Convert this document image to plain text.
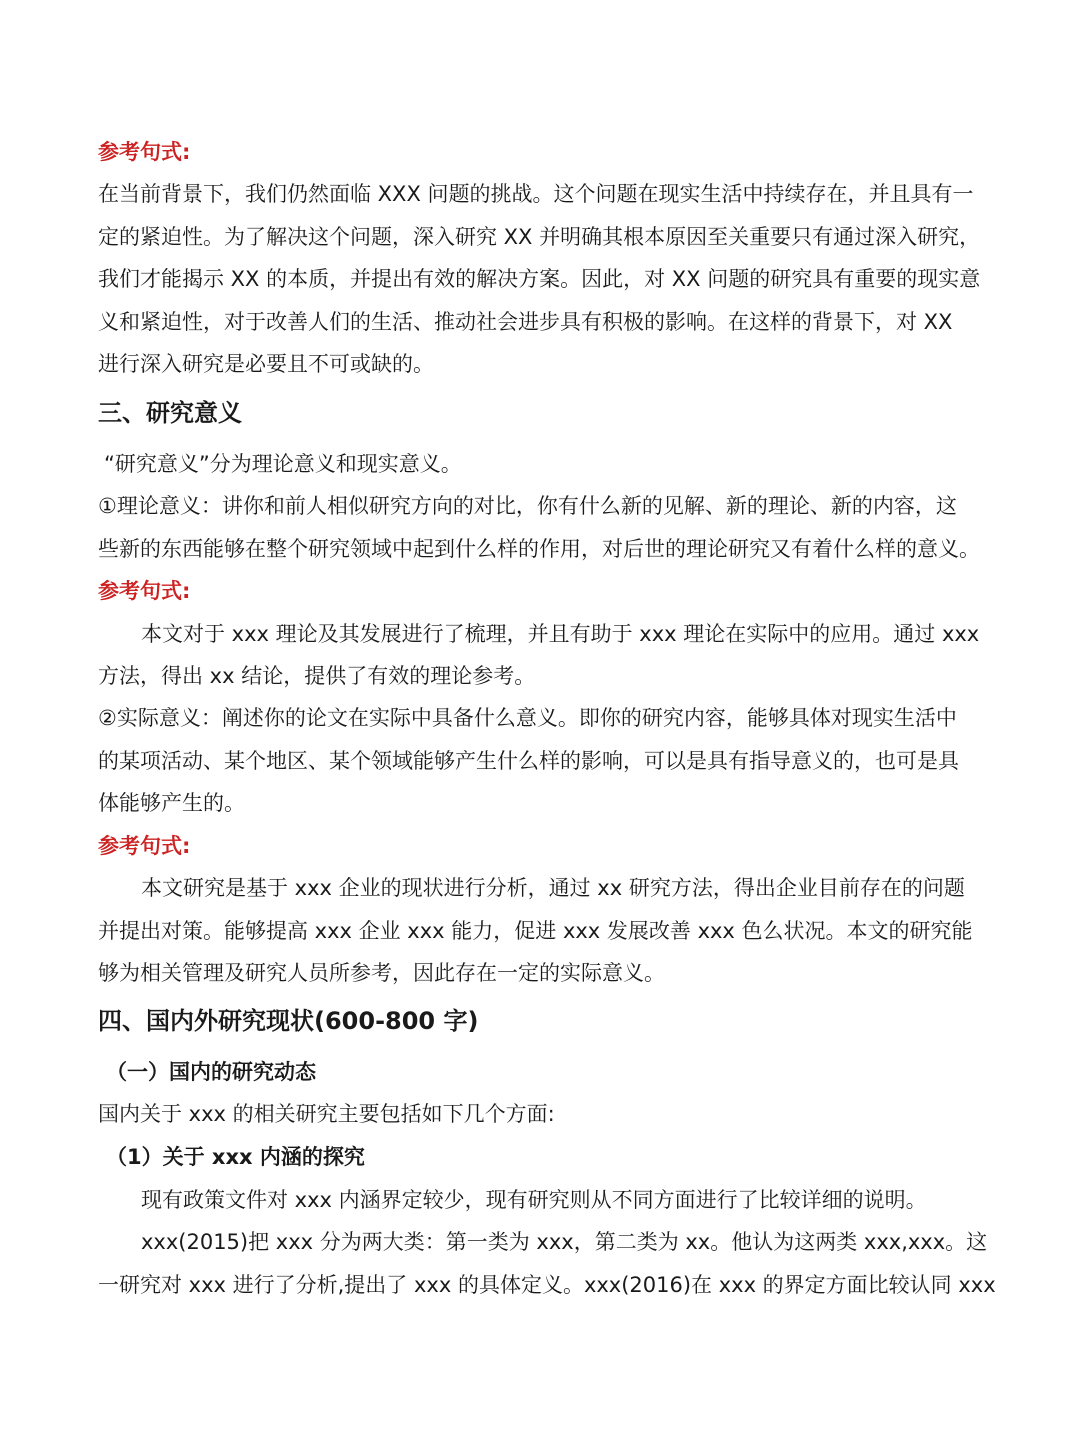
参考句式:
在当前背景下，我们仍然面临 XXX 问题的挑战。这个问题在现实生活中持续存在，并且具有一
定的紧迫性。为了解决这个问题，深入研究 XX 并明确其根本原因至关重要只有通过深入研究，
我们才能揭示 XX 的本质，并提出有效的解决方案。因此，对 XX 问题的研究具有重要的现实意
义和紧迫性，对于改善人们的生活、推动社会进步具有积极的影响。在这样的背景下，对 XX
进行深入研究是必要且不可或缺的。
三、研究意义
“研究意义”分为理论意义和现实意义。
①理论意义：讲你和前人相似研究方向的对比，你有什么新的见解、新的理论、新的内容，这
些新的东西能够在整个研究领域中起到什么样的作用，对后世的理论研究又有着什么样的意义。
参考句式:
本文对于 xxx 理论及其发展进行了梳理，并且有助于 xxx 理论在实际中的应用。通过 xxx
方法，得出 xx 结论，提供了有效的理论参考。
②实际意义：阐述你的论文在实际中具备什么意义。即你的研究内容，能够具体对现实生活中
的某项活动、某个地区、某个领域能够产生什么样的影响，可以是具有指导意义的，也可是具
体能够产生的。
参考句式:
本文研究是基于 xxx 企业的现状进行分析，通过 xx 研究方法，得出企业目前存在的问题
并提出对策。能够提高 xxx 企业 xxx 能力，促进 xxx 发展改善 xxx 色么状况。本文的研究能
够为相关管理及研究人员所参考，因此存在一定的实际意义。
四、国内外研究现状(600-800 字)
（一）国内的研究动态
国内关于 xxx 的相关研究主要包括如下几个方面:
（1）关于 xxx 内涵的探究
现有政策文件对 xxx 内涵界定较少，现有研究则从不同方面进行了比较详细的说明。
xxx(2015)把 xxx 分为两大类：第一类为 xxx，第二类为 xx。他认为这两类 xxx,xxx。这
一研究对 xxx 进行了分析,提出了 xxx 的具体定义。xxx(2016)在 xxx 的界定方面比较认同 xxx
